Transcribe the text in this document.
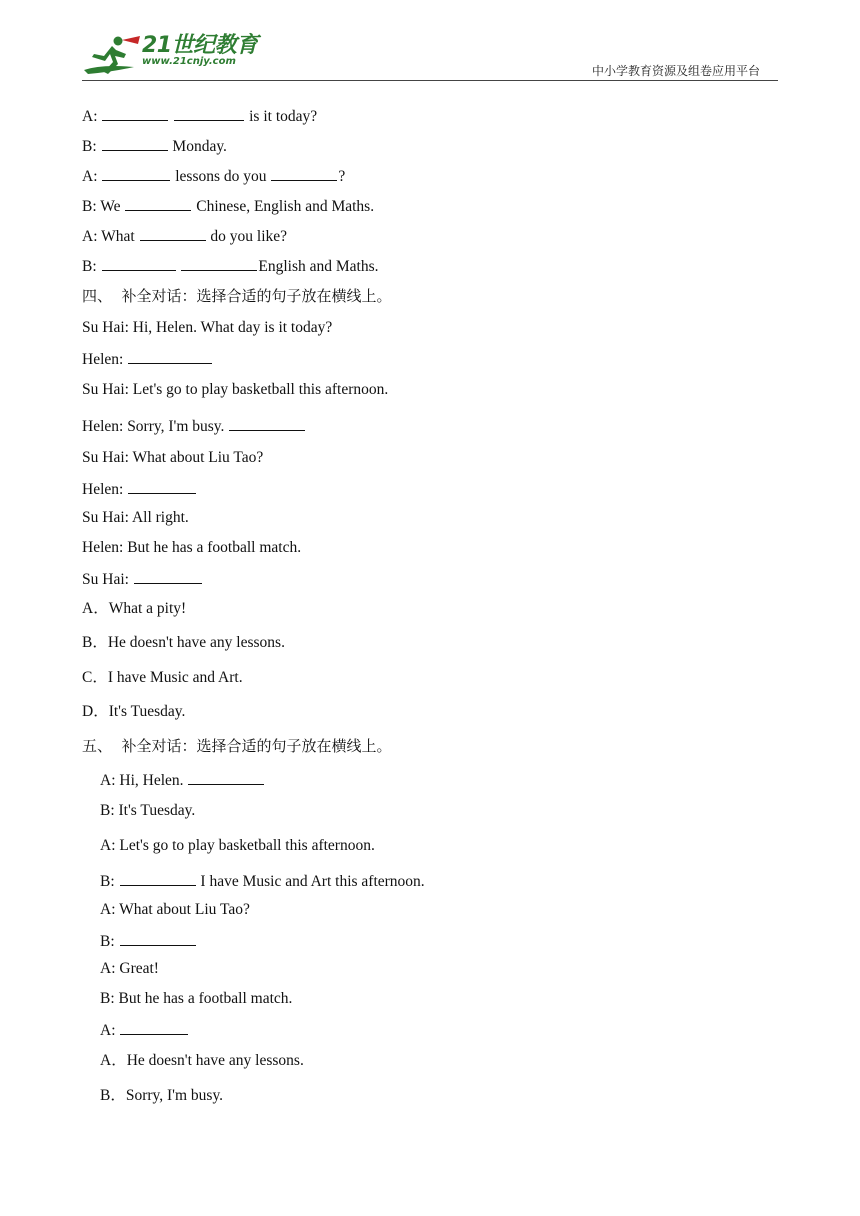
21世纪教育
www.21cnjy.com
中小学教育资源及组卷应用平台
A:	is it today?
B:	Monday.
A:	lessons do you	?
B: We	Chinese, English and Maths.
A: What	do you like?
B:	English and Maths.
四、  补全对话：选择合适的句子放在横线上。
Su Hai: Hi, Helen. What day is it today?
Helen:
Su Hai: Let's go to play basketball this afternoon.
Helen: Sorry, I'm busy.
Su Hai: What about Liu Tao?
Helen:
Su Hai: All right.
Helen: But he has a football match.
Su Hai:
A．What a pity!
B．He doesn't have any lessons.
C．I have Music and Art.
D．It's Tuesday.
五、  补全对话：选择合适的句子放在横线上。
A: Hi, Helen.
B: It's Tuesday.
A: Let's go to play basketball this afternoon.
B:	I have Music and Art this afternoon.
A: What about Liu Tao?
B:
A: Great!
B: But he has a football match.
A:
A．He doesn't have any lessons.
B．Sorry, I'm busy.
